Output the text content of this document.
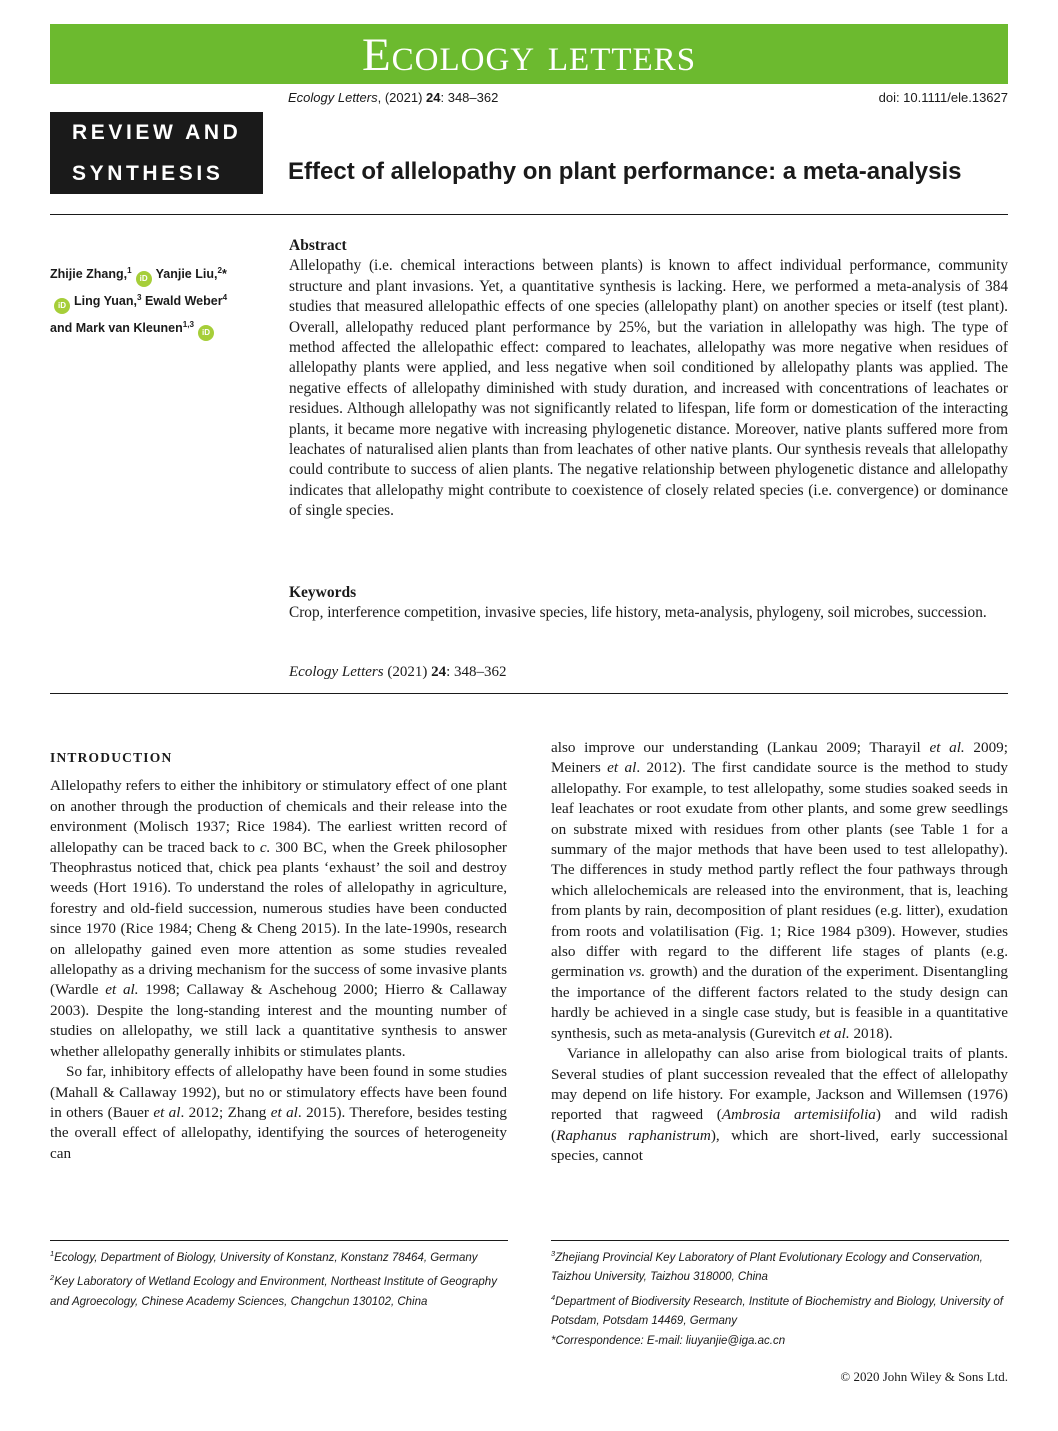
Ecology letters
Ecology Letters, (2021) 24: 348–362	doi: 10.1111/ele.13627
REVIEW AND
SYNTHESIS	Effect of allelopathy on plant performance: a meta-analysis
Zhijie Zhang,$^1$iD Yanjie Liu,$^2$*iD Ling Yuan,$^3$ Ewald Weber$^4$ and Mark van Kleunen$^{1,3}$iD
Abstract
Allelopathy (i.e. chemical interactions between plants) is known to affect individual performance, community structure and plant invasions. Yet, a quantitative synthesis is lacking. Here, we performed a meta-analysis of 384 studies that measured allelopathic effects of one species (allelopathy plant) on another species or itself (test plant). Overall, allelopathy reduced plant performance by 25%, but the variation in allelopathy was high. The type of method affected the allelopathic effect: compared to leachates, allelopathy was more negative when residues of allelopathy plants were applied, and less negative when soil conditioned by allelopathy plants was applied. The negative effects of allelopathy diminished with study duration, and increased with concentrations of leachates or residues. Although allelopathy was not significantly related to lifespan, life form or domestication of the interacting plants, it became more negative with increasing phylogenetic distance. Moreover, native plants suffered more from leachates of naturalised alien plants than from leachates of other native plants. Our synthesis reveals that allelopathy could contribute to success of alien plants. The negative relationship between phylogenetic distance and allelopathy indicates that allelopathy might contribute to coexistence of closely related species (i.e. convergence) or dominance of single species.
Keywords
Crop, interference competition, invasive species, life history, meta-analysis, phylogeny, soil microbes, succession.
Ecology Letters (2021) 24: 348–362
INTRODUCTION

Allelopathy refers to either the inhibitory or stimulatory effect of one plant on another through the production of chemicals and their release into the environment (Molisch 1937; Rice 1984). The earliest written record of allelopathy can be traced back to c. 300 BC, when the Greek philosopher Theophrastus noticed that, chick pea plants ‘exhaust’ the soil and destroy weeds (Hort 1916). To understand the roles of allelopathy in agriculture, forestry and old-field succession, numerous studies have been conducted since 1970 (Rice 1984; Cheng & Cheng 2015). In the late-1990s, research on allelopathy gained even more attention as some studies revealed allelopathy as a driving mechanism for the success of some invasive plants (Wardle et al. 1998; Callaway & Aschehoug 2000; Hierro & Callaway 2003). Despite the long-standing interest and the mounting number of studies on allelopathy, we still lack a quantitative synthesis to answer whether allelopathy generally inhibits or stimulates plants.

So far, inhibitory effects of allelopathy have been found in some studies (Mahall & Callaway 1992), but no or stimulatory effects have been found in others (Bauer et al. 2012; Zhang et al. 2015). Therefore, besides testing the overall effect of allelopathy, identifying the sources of heterogeneity can

also improve our understanding (Lankau 2009; Tharayil et al. 2009; Meiners et al. 2012). The first candidate source is the method to study allelopathy. For example, to test allelopathy, some studies soaked seeds in leaf leachates or root exudate from other plants, and some grew seedlings on substrate mixed with residues from other plants (see Table 1 for a summary of the major methods that have been used to test allelopathy). The differences in study method partly reflect the four pathways through which allelochemicals are released into the environment, that is, leaching from plants by rain, decomposition of plant residues (e.g. litter), exudation from roots and volatilisation (Fig. 1; Rice 1984 p309). However, studies also differ with regard to the different life stages of plants (e.g. germination vs. growth) and the duration of the experiment. Disentangling the importance of the different factors related to the study design can hardly be achieved in a single case study, but is feasible in a quantitative synthesis, such as meta-analysis (Gurevitch et al. 2018).

Variance in allelopathy can also arise from biological traits of plants. Several studies of plant succession revealed that the effect of allelopathy may depend on life history. For example, Jackson and Willemsen (1976) reported that ragweed (Ambrosia artemisiifolia) and wild radish (Raphanus raphanistrum), which are short-lived, early successional species, cannot

$^1$Ecology, Department of Biology, University of Konstanz, Konstanz 78464, Germany
$^2$Key Laboratory of Wetland Ecology and Environment, Northeast Institute of Geography and Agroecology, Chinese Academy Sciences, Changchun 130102, China
$^3$Zhejiang Provincial Key Laboratory of Plant Evolutionary Ecology and Conservation, Taizhou University, Taizhou 318000, China
$^4$Department of Biodiversity Research, Institute of Biochemistry and Biology, University of Potsdam, Potsdam 14469, Germany
*Correspondence: E-mail: liuyanjie@iga.ac.cn
© 2020 John Wiley & Sons Ltd.
